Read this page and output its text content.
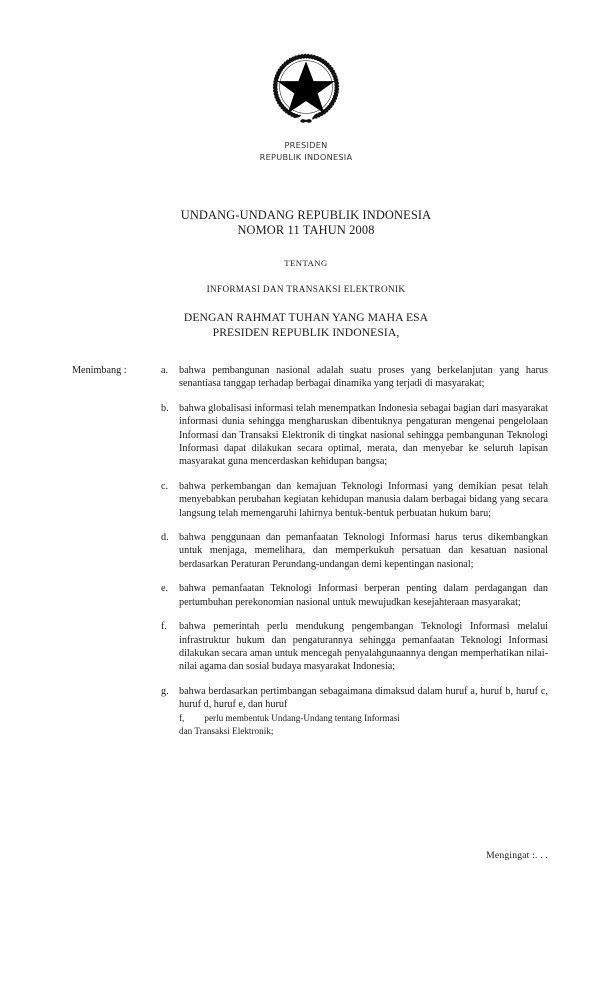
PRESIDEN
REPUBLIK INDONESIA
UNDANG-UNDANG REPUBLIK INDONESIA
NOMOR 11 TAHUN 2008
TENTANG
INFORMASI DAN TRANSAKSI ELEKTRONIK
DENGAN RAHMAT TUHAN YANG MAHA ESA
PRESIDEN REPUBLIK INDONESIA,
Menimbang :	a.	bahwa pembangunan nasional adalah suatu proses yang berkelanjutan yang harus senantiasa tanggap terhadap berbagai dinamika yang terjadi di masyarakat;

b.	bahwa globalisasi informasi telah menempatkan Indonesia sebagai bagian dari masyarakat informasi dunia sehingga mengharuskan dibentuknya pengaturan mengenai pengelolaan Informasi dan Transaksi Elektronik di tingkat nasional sehingga pembangunan Teknologi Informasi dapat dilakukan secara optimal, merata, dan menyebar ke seluruh lapisan masyarakat guna mencerdaskan kehidupan bangsa;

c.	bahwa perkembangan dan kemajuan Teknologi Informasi yang demikian pesat telah menyebabkan perubahan kegiatan kehidupan manusia dalam berbagai bidang yang secara langsung telah memengaruhi lahirnya bentuk-bentuk perbuatan hukum baru;

d.	bahwa penggunaan dan pemanfaatan Teknologi Informasi harus terus dikembangkan untuk menjaga, memelihara, dan memperkukuh persatuan dan kesatuan nasional berdasarkan Peraturan Perundang-undangan demi kepentingan nasional;

e.	bahwa pemanfaatan Teknologi Informasi berperan penting dalam perdagangan dan pertumbuhan perekonomian nasional untuk mewujudkan kesejahteraan masyarakat;

f.	bahwa pemerintah perlu mendukung pengembangan Teknologi Informasi melalui infrastruktur hukum dan pengaturannya sehingga pemanfaatan Teknologi Informasi dilakukan secara aman untuk mencegah penyalahgunaannya dengan memperhatikan nilai-nilai agama dan sosial budaya masyarakat Indonesia;

g.	bahwa berdasarkan pertimbangan sebagaimana dimaksud dalam huruf a, huruf b, huruf c, huruf d, huruf e, dan huruf

f, perlu membentuk Undang-Undang tentang Informasi

dan Transaksi Elektronik;

Mengingat :. . .
